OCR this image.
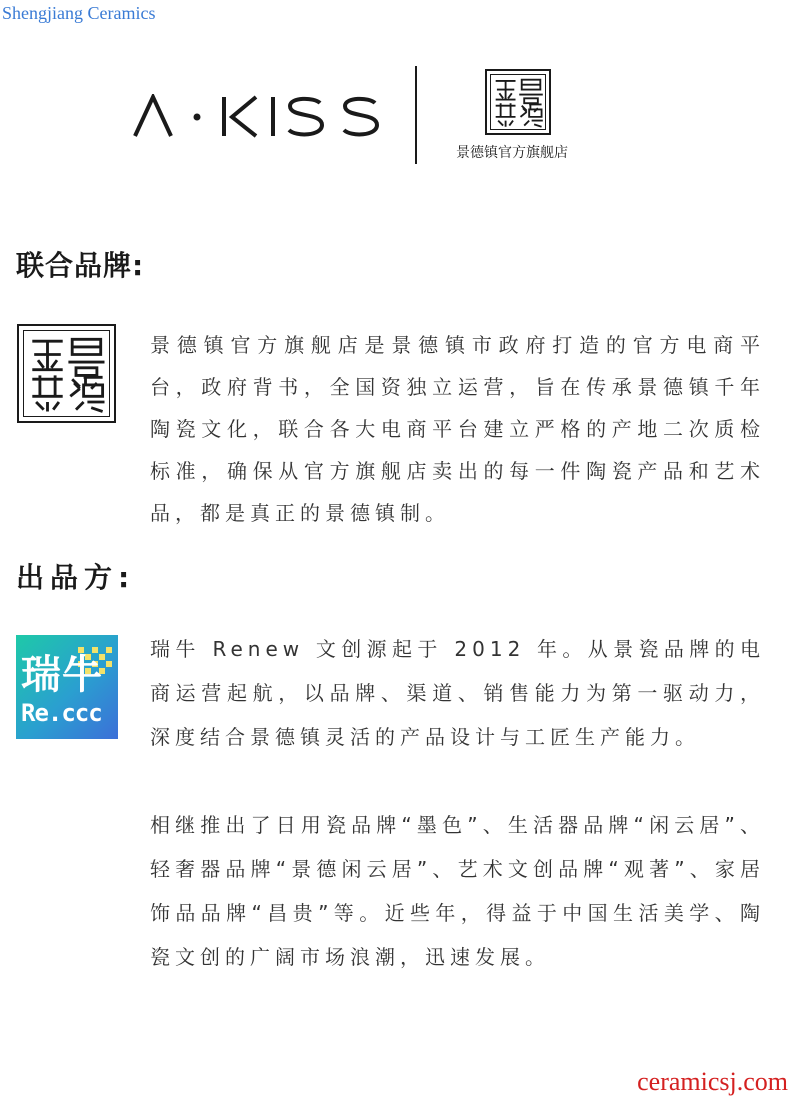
Shengjiang Ceramics
景德镇官方旗舰店
联合品牌:
景德镇官方旗舰店是景德镇市政府打造的官方电商平台，政府背书，全国资独立运营，旨在传承景德镇千年陶瓷文化，联合各大电商平台建立严格的产地二次质检标准，确保从官方旗舰店卖出的每一件陶瓷产品和艺术品，都是真正的景德镇制。
出品方:
瑞牛
Re.ccc
瑞牛 Renew 文创源起于 2012 年。从景瓷品牌的电商运营起航，以品牌、渠道、销售能力为第一驱动力，深度结合景德镇灵活的产品设计与工匠生产能力。
相继推出了日用瓷品牌“墨色”、生活器品牌“闲云居”、轻奢器品牌“景德闲云居”、艺术文创品牌“观著”、家居饰品品牌“昌贵”等。近些年，得益于中国生活美学、陶瓷文创的广阔市场浪潮，迅速发展。
ceramicsj.com
